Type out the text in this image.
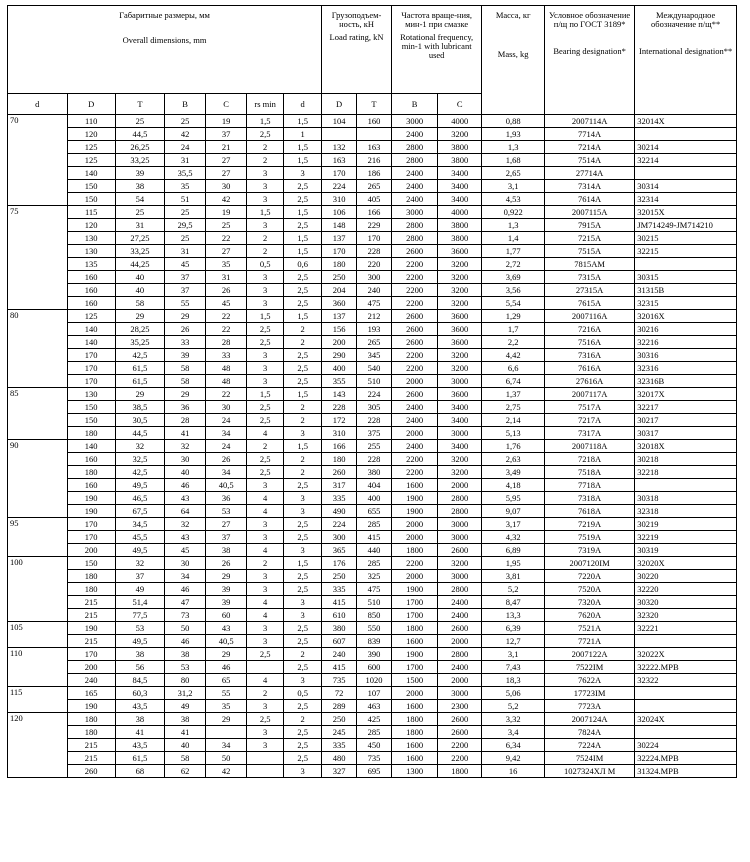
Габаритные размеры, мм
Overall dimensions, mm							Грузоподъем-ность, кН
Load rating, kN		Частота враще-ния, мин-1 при смазке
Rotational frequency, min-1 with lubricant used		Масса, кг
Mass, kg	Условное обозначение п/щ по ГОСТ 3189*
Bearing designation*	Международное обозначение п/щ**
International designation**

d	D	T	B	C	rs min	d	D	T	B	C			
70	110	25	25	19	1,5	1,5	104	160	3000	4000	0,88	2007114A	32014X
	120	44,5	42	37	2,5	1			2400	3200	1,93	7714A	
	125	26,25	24	21	2	1,5	132	163	2800	3800	1,3	7214A	30214
	125	33,25	31	27	2	1,5	163	216	2800	3800	1,68	7514A	32214
	140	39	35,5	27	3	3	170	186	2400	3400	2,65	27714A	
	150	38	35	30	3	2,5	224	265	2400	3400	3,1	7314A	30314
	150	54	51	42	3	2,5	310	405	2400	3400	4,53	7614A	32314
75	115	25	25	19	1,5	1,5	106	166	3000	4000	0,922	2007115A	32015X
	120	31	29,5	25	3	2,5	148	229	2800	3800	1,3	7915A	JM714249-JM714210
	130	27,25	25	22	2	1,5	137	170	2800	3800	1,4	7215A	30215
	130	33,25	31	27	2	1,5	170	228	2600	3600	1,77	7515A	32215
	135	44,25	45	35	0,5	0,6	180	220	2200	3200	2,72	7815AM	
	160	40	37	31	3	2,5	250	300	2200	3200	3,69	7315A	30315
	160	40	37	26	3	2,5	204	240	2200	3200	3,56	27315A	31315B
	160	58	55	45	3	2,5	360	475	2200	3200	5,54	7615A	32315
80	125	29	29	22	1,5	1,5	137	212	2600	3600	1,29	2007116A	32016X
	140	28,25	26	22	2,5	2	156	193	2600	3600	1,7	7216A	30216
	140	35,25	33	28	2,5	2	200	265	2600	3600	2,2	7516A	32216
	170	42,5	39	33	3	2,5	290	345	2200	3200	4,42	7316A	30316
	170	61,5	58	48	3	2,5	400	540	2200	3200	6,6	7616A	32316
	170	61,5	58	48	3	2,5	355	510	2000	3000	6,74	27616A	32316B
85	130	29	29	22	1,5	1,5	143	224	2600	3600	1,37	2007117A	32017X
	150	38,5	36	30	2,5	2	228	305	2400	3400	2,75	7517A	32217
	150	30,5	28	24	2,5	2	172	228	2400	3400	2,14	7217A	30217
	180	44,5	41	34	4	3	310	375	2000	3000	5,13	7317A	30317
90	140	32	32	24	2	1,5	166	255	2400	3400	1,76	2007118A	32018X
	160	32,5	30	26	2,5	2	180	228	2200	3200	2,63	7218A	30218
	180	42,5	40	34	2,5	2	260	380	2200	3200	3,49	7518A	32218
	160	49,5	46	40,5	3	2,5	317	404	1600	2000	4,18	7718A	
	190	46,5	43	36	4	3	335	400	1900	2800	5,95	7318A	30318
	190	67,5	64	53	4	3	490	655	1900	2800	9,07	7618A	32318
95	170	34,5	32	27	3	2,5	224	285	2000	3000	3,17	7219A	30219
	170	45,5	43	37	3	2,5	300	415	2000	3000	4,32	7519A	32219
	200	49,5	45	38	4	3	365	440	1800	2600	6,89	7319A	30319
100	150	32	30	26	2	1,5	176	285	2200	3200	1,95	2007120IM	32020X
	180	37	34	29	3	2,5	250	325	2000	3000	3,81	7220A	30220
	180	49	46	39	3	2,5	335	475	1900	2800	5,2	7520A	32220
	215	51,4	47	39	4	3	415	510	1700	2400	8,47	7320A	30320
	215	77,5	73	60	4	3	610	850	1700	2400	13,3	7620A	32320
105	190	53	50	43	3	2,5	380	550	1800	2600	6,39	7521A	32221
	215	49,5	46	40,5	3	2,5	607	839	1600	2000	12,7	7721A	
110	170	38	38	29	2,5	2	240	390	1900	2800	3,1	2007122A	32022X
	200	56	53	46		2,5	415	600	1700	2400	7,43	7522IM	32222.MPB
	240	84,5	80	65	4	3	735	1020	1500	2000	18,3	7622A	32322
115	165	60,3	31,2	55	2	0,5	72	107	2000	3000	5,06	1772ЗIM	
	190	43,5	49	35	3	2,5	289	463	1600	2300	5,2	7723A	
120	180	38	38	29	2,5	2	250	425	1800	2600	3,32	2007124A	32024X
	180	41	41		3	2,5	245	285	1800	2600	3,4	7824A	
	215	43,5	40	34	3	2,5	335	450	1600	2200	6,34	7224A	30224
	215	61,5	58	50		2,5	480	735	1600	2200	9,42	7524IM	32224.MPB
	260	68	62	42		3	327	695	1300	1800	16	1027324XЛ M	31324.MPB
